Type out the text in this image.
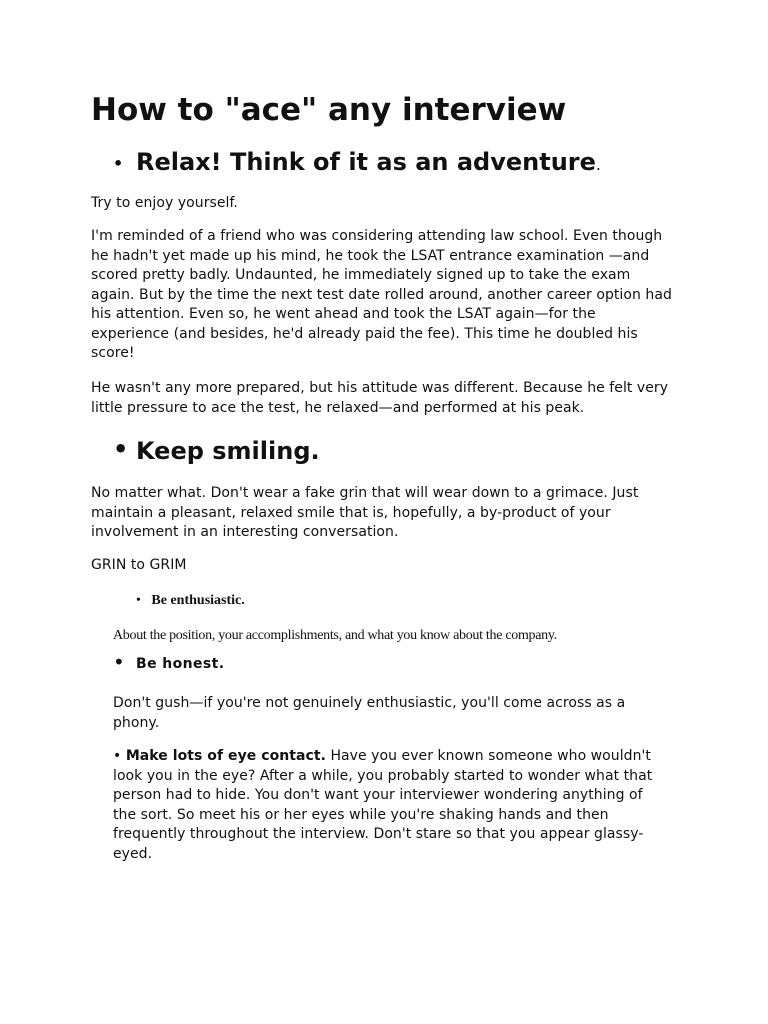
How to "ace" any interview
• Relax! Think of it as an adventure.

Try to enjoy yourself.

I'm reminded of a friend who was considering attending law school. Even though he hadn't yet made up his mind, he took the LSAT entrance examination —and scored pretty badly. Undaunted, he immediately signed up to take the exam again. But by the time the next test date rolled around, another career option had his attention. Even so, he went ahead and took the LSAT again—for the experience (and besides, he'd already paid the fee). This time he doubled his score!

He wasn't any more prepared, but his attitude was different. Because he felt very little pressure to ace the test, he relaxed—and performed at his peak.

• Keep smiling.

No matter what. Don't wear a fake grin that will wear down to a grimace. Just maintain a pleasant, relaxed smile that is, hopefully, a by-product of your involvement in an interesting conversation.

GRIN to GRIM

• Be enthusiastic.

About the position, your accomplishments, and what you know about the company.

• Be honest.

Don't gush—if you're not genuinely enthusiastic, you'll come across as a phony.

• Make lots of eye contact. Have you ever known someone who wouldn't look you in the eye? After a while, you probably started to wonder what that person had to hide. You don't want your interviewer wondering anything of the sort. So meet his or her eyes while you're shaking hands and then frequently throughout the interview. Don't stare so that you appear glassy-eyed.
